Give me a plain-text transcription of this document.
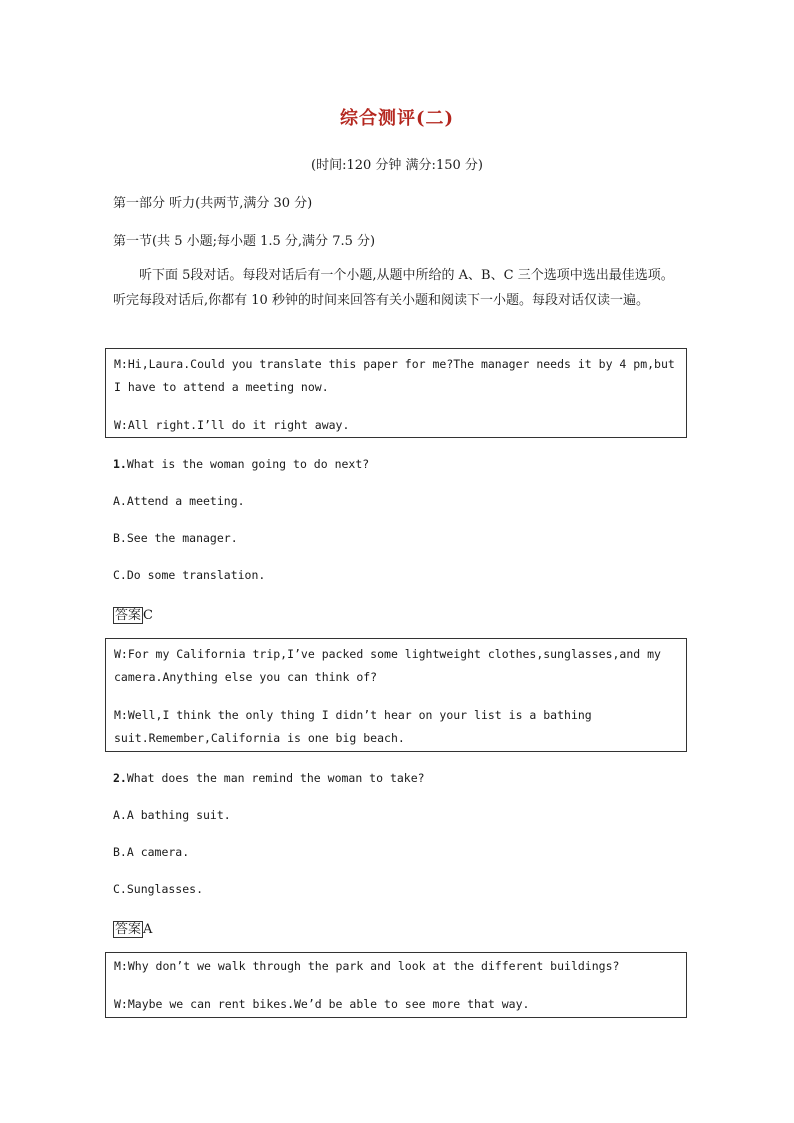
综合测评(二)
(时间:120 分钟 满分:150 分)
第一部分 听力(共两节,满分 30 分)
第一节(共 5 小题;每小题 1.5 分,满分 7.5 分)
听下面 5段对话。每段对话后有一个小题,从题中所给的 A、B、C 三个选项中选出最佳选项。听完每段对话后,你都有 10 秒钟的时间来回答有关小题和阅读下一小题。每段对话仅读一遍。

M:Hi,Laura.Could you translate this paper for me?The manager needs it by 4 pm,but I have to attend a meeting now.

W:All right.I’ll do it right away.

1.What is the woman going to do next?
A.Attend a meeting.
B.See the manager.
C.Do some translation.
答案 C

W:For my California trip,I’ve packed some lightweight clothes,sunglasses,and my camera.Anything else you can think of?

M:Well,I think the only thing I didn’t hear on your list is a bathing suit.Remember,California is one big beach.

2.What does the man remind the woman to take?
A.A bathing suit.
B.A camera.
C.Sunglasses.
答案 A

M:Why don’t we walk through the park and look at the different buildings?

W:Maybe we can rent bikes.We’d be able to see more that way.
